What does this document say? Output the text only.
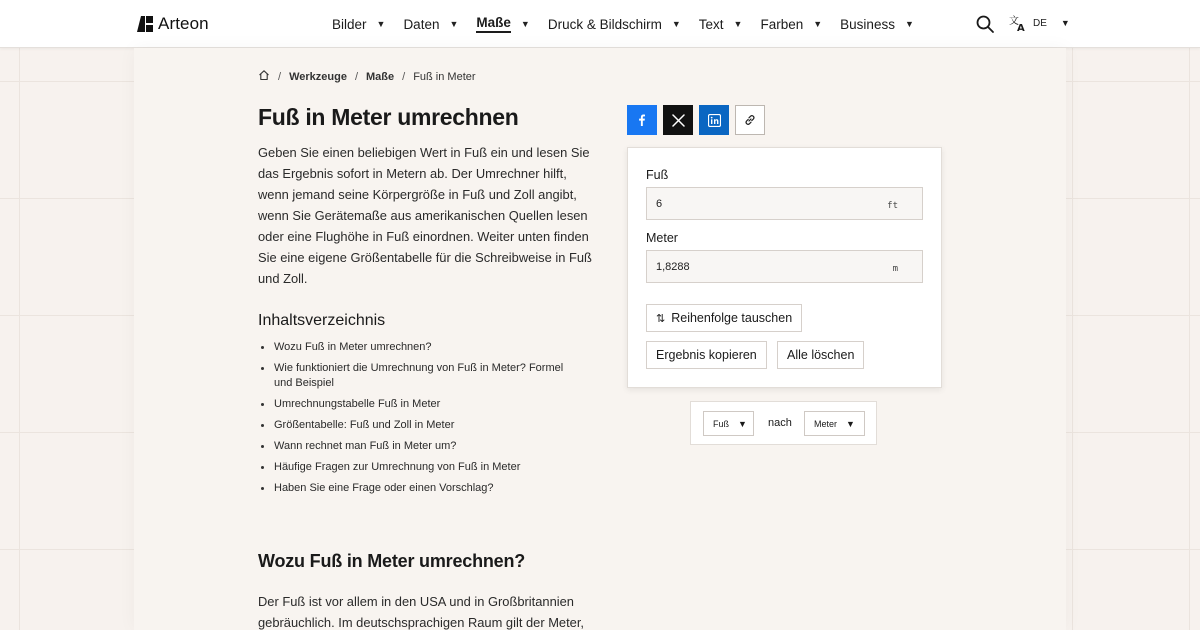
Arteon	Bilder ▼ Daten ▼ Maße ▼ Druck & Bildschirm ▼ Text ▼ Farben ▼ Business ▼	文
A DE ▼
/ Werkzeuge / Maße / Fuß in Meter
Fuß in Meter umrechnen

Geben Sie einen beliebigen Wert in Fuß ein und lesen Sie das Ergebnis sofort in Metern ab. Der Umrechner hilft, wenn jemand seine Körpergröße in Fuß und Zoll angibt, wenn Sie Gerätemaße aus amerikanischen Quellen lesen oder eine Flughöhe in Fuß einordnen. Weiter unten finden Sie eine eigene Größentabelle für die Schreibweise in Fuß und Zoll.

Inhaltsverzeichnis
Wozu Fuß in Meter umrechnen?
Wie funktioniert die Umrechnung von Fuß in Meter? Formel und Beispiel
Umrechnungstabelle Fuß in Meter
Größentabelle: Fuß und Zoll in Meter
Wann rechnet man Fuß in Meter um?
Häufige Fragen zur Umrechnung von Fuß in Meter
Haben Sie eine Frage oder einen Vorschlag?
Wozu Fuß in Meter umrechnen?

Der Fuß ist vor allem in den USA und in Großbritannien gebräuchlich. Im deutschsprachigen Raum gilt der Meter,

Fuß
6
ft
Meter
1,8288
m
⇅ Reihenfolge tauschen
Ergebnis kopieren Alle löschen
Fuß ▼ nach Meter ▼
